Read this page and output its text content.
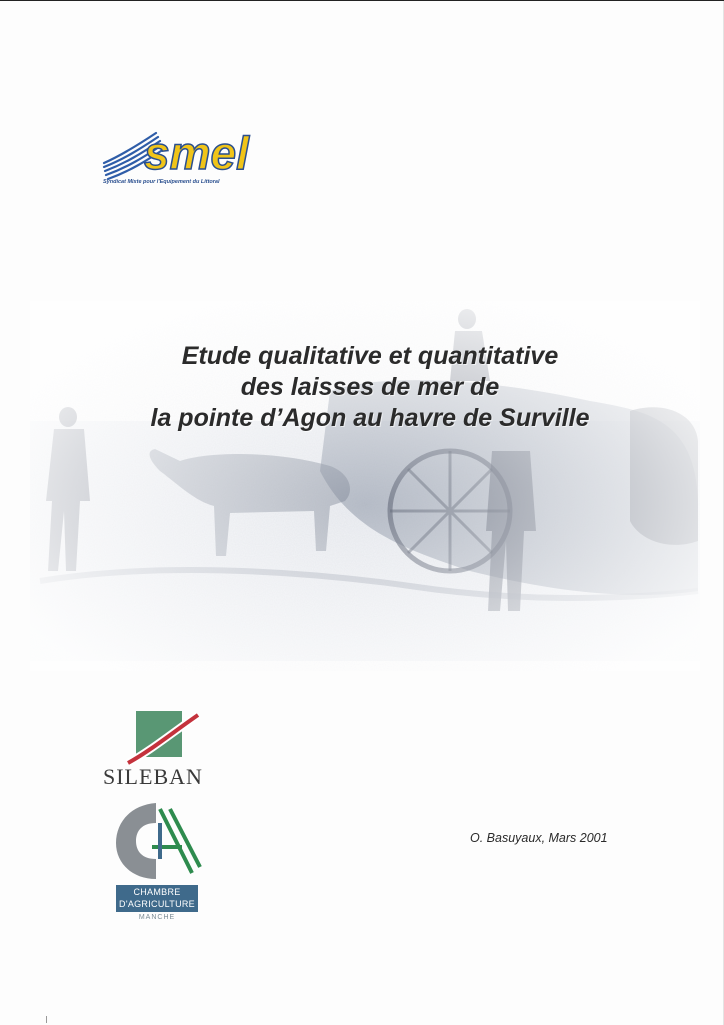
smel
Syndicat Mixte pour l'Equipement du Littoral
Etude qualitative et quantitative
des laisses de mer de
la pointe d’Agon au havre de Surville
SILEBAN
CHAMBRE
D'AGRICULTURE
MANCHE
O. Basuyaux, Mars 2001
